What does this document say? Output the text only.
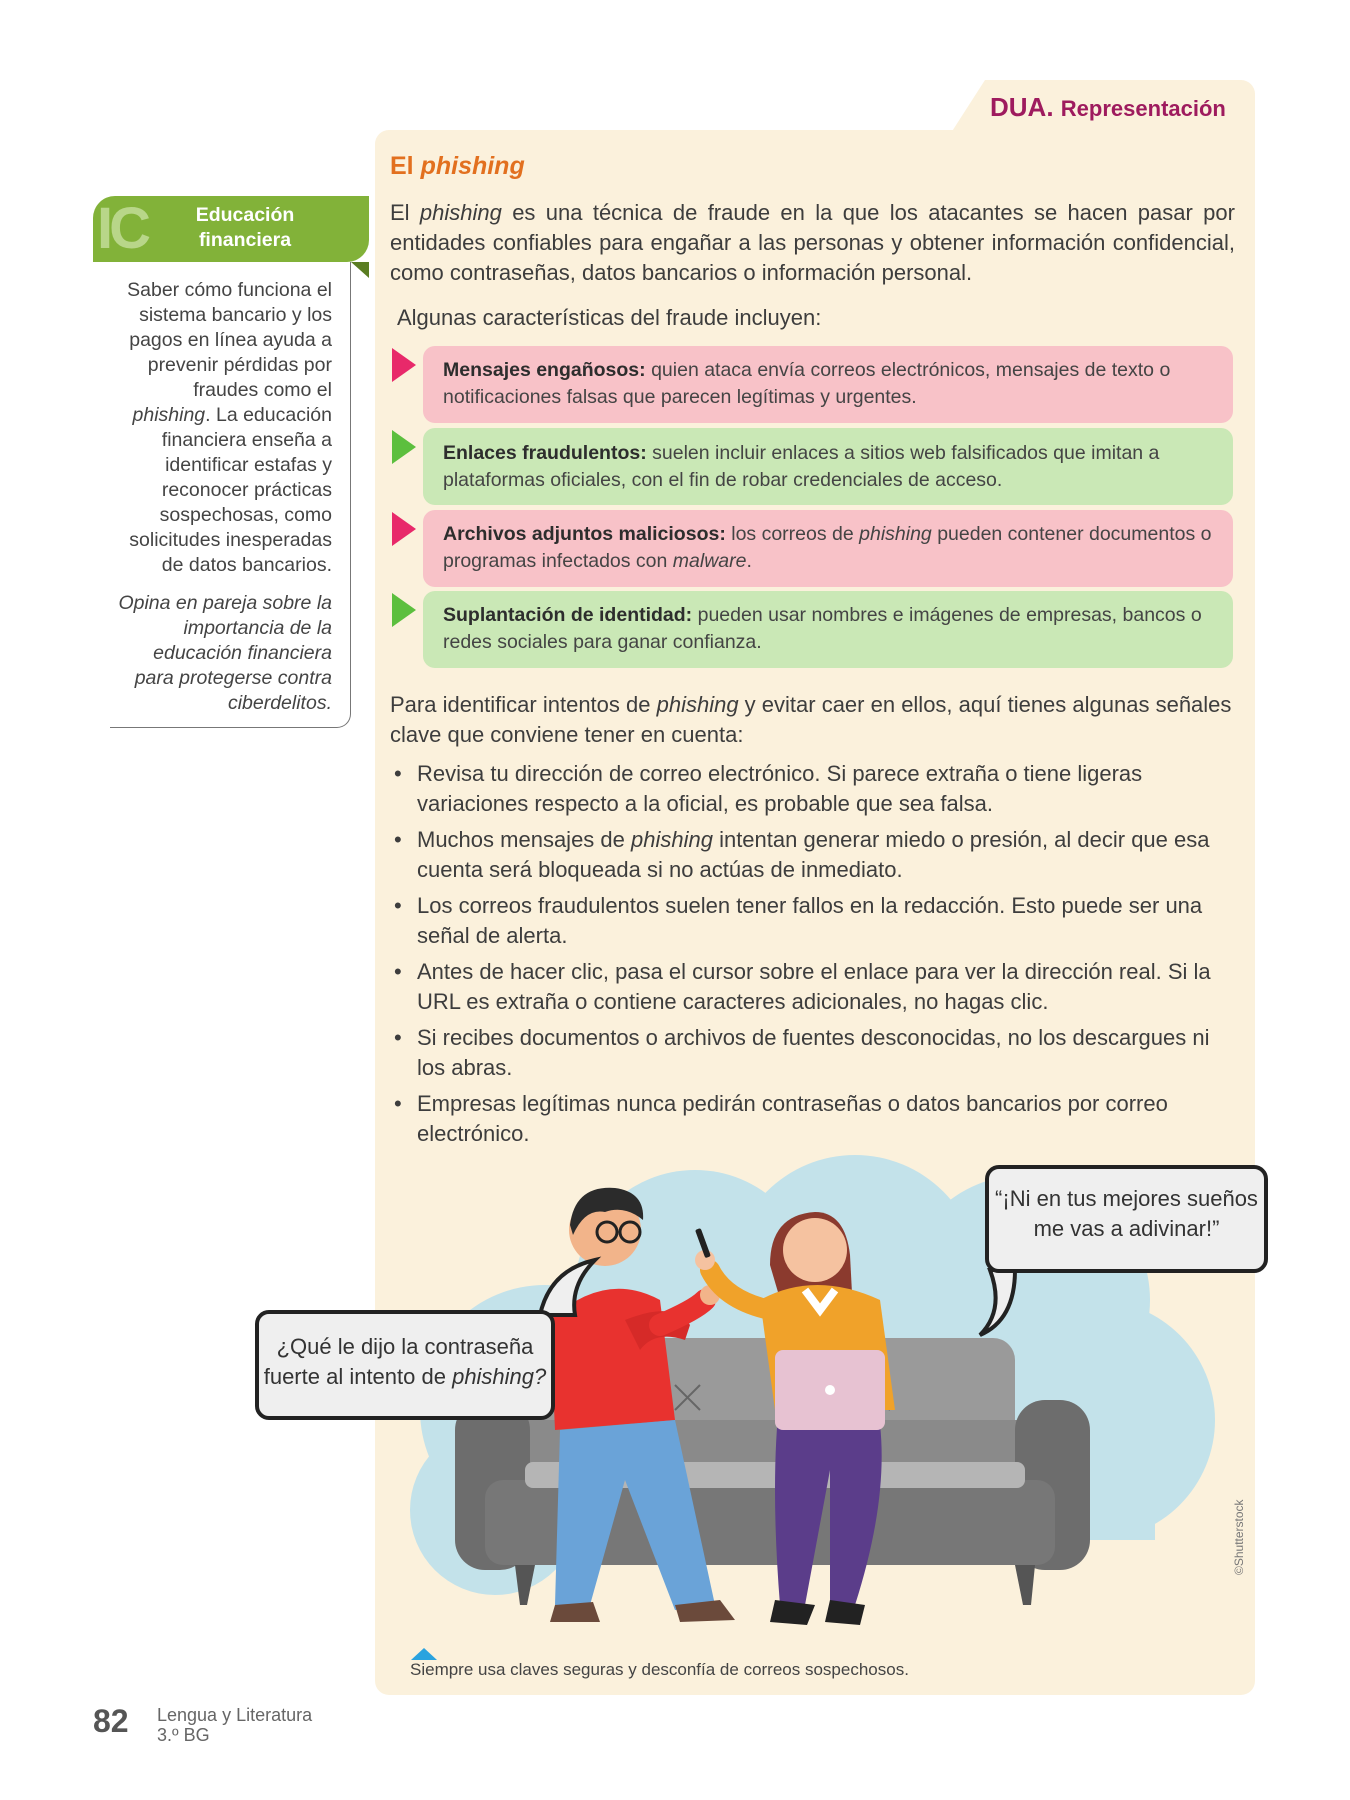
DUA. Representación
El phishing
El phishing es una técnica de fraude en la que los atacantes se hacen pasar por entidades confiables para engañar a las personas y obtener información confidencial, como contraseñas, datos bancarios o información personal.
Algunas características del fraude incluyen:
Mensajes engañosos: quien ataca envía correos electrónicos, mensajes de texto o notificaciones falsas que parecen legítimas y urgentes.
Enlaces fraudulentos: suelen incluir enlaces a sitios web falsificados que imitan a plataformas oficiales, con el fin de robar credenciales de acceso.
Archivos adjuntos maliciosos: los correos de phishing pueden contener documentos o programas infectados con malware.
Suplantación de identidad: pueden usar nombres e imágenes de empresas, bancos o redes sociales para ganar confianza.
Para identificar intentos de phishing y evitar caer en ellos, aquí tienes algunas señales clave que conviene tener en cuenta:
• Revisa tu dirección de correo electrónico. Si parece extraña o tiene ligeras variaciones respecto a la oficial, es probable que sea falsa.
• Muchos mensajes de phishing intentan generar miedo o presión, al decir que esa cuenta será bloqueada si no actúas de inmediato.
• Los correos fraudulentos suelen tener fallos en la redacción. Esto puede ser una señal de alerta.
• Antes de hacer clic, pasa el cursor sobre el enlace para ver la dirección real. Si la URL es extraña o contiene caracteres adicionales, no hagas clic.
• Si recibes documentos o archivos de fuentes desconocidas, no los descargues ni los abras.
• Empresas legítimas nunca pedirán contraseñas o datos bancarios por correo electrónico.
IC	Educación
financiera
Saber cómo funciona el sistema bancario y los pagos en línea ayuda a prevenir pérdidas por fraudes como el phishing. La educación financiera enseña a identificar estafas y reconocer prácticas sospechosas, como solicitudes inesperadas de datos bancarios.
Opina en pareja sobre la importancia de la educación financiera para protegerse contra ciberdelitos.
¿Qué le dijo la contraseña
fuerte al intento de phishing?
“¡Ni en tus mejores sueños
me vas a adivinar!”
Siempre usa claves seguras y desconfía de correos sospechosos.
©Shutterstock
82 Lengua y Literatura
3.º BG
